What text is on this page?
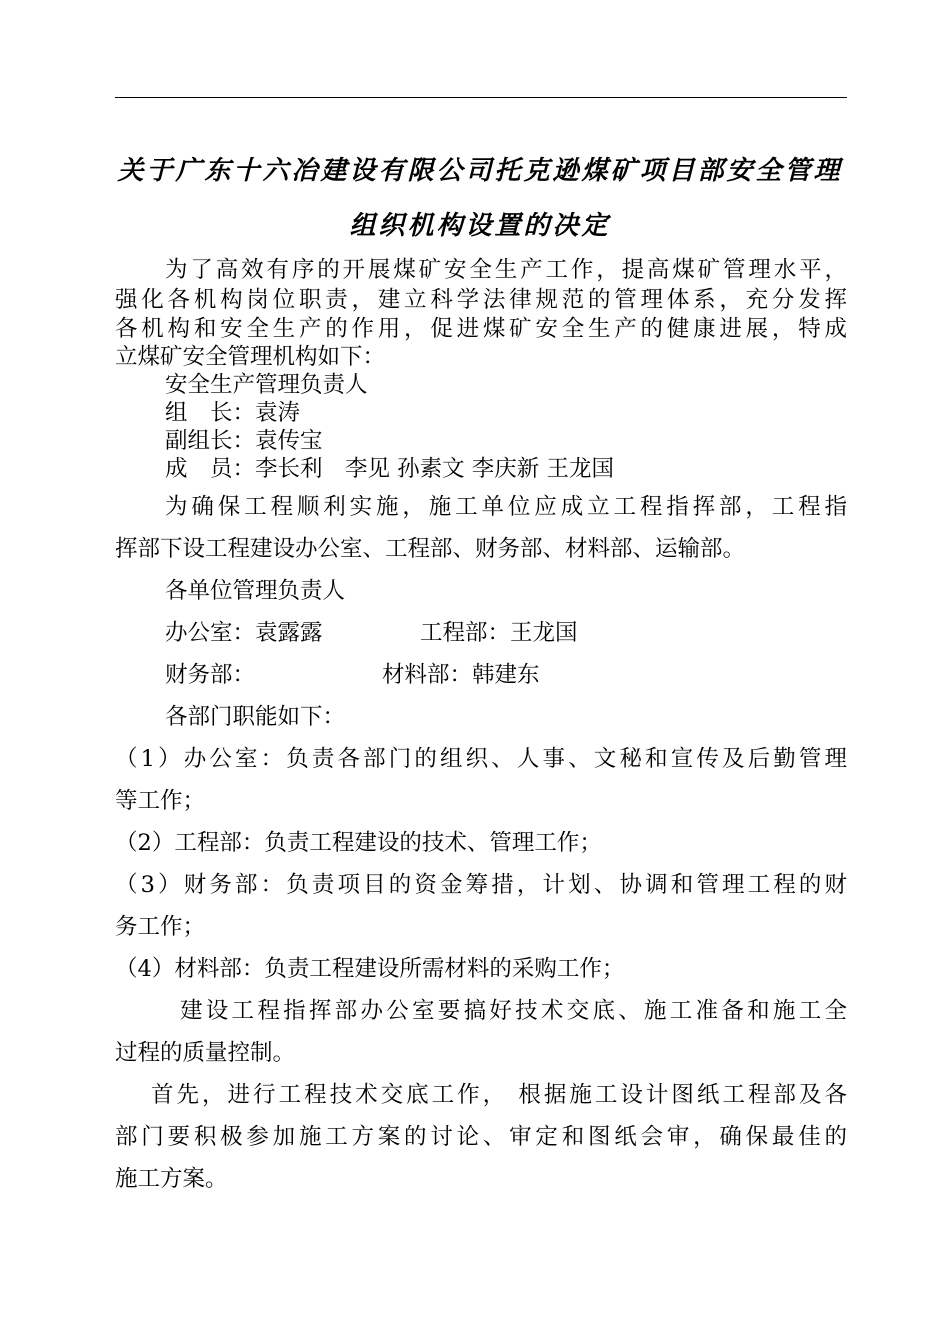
关于广东十六冶建设有限公司托克逊煤矿项目部安全管理
组织机构设置的决定
为了高效有序的开展煤矿安全生产工作，提高煤矿管理水平，
强化各机构岗位职责，建立科学法律规范的管理体系，充分发挥
各机构和安全生产的作用，促进煤矿安全生产的健康进展，特成
立煤矿安全管理机构如下：
安全生产管理负责人
组　长：袁涛
副组长：袁传宝
成　员：李长利　李见 孙素文 李庆新 王龙国
为确保工程顺利实施，施工单位应成立工程指挥部，工程指
挥部下设工程建设办公室、工程部、财务部、材料部、运输部。
各单位管理负责人
办公室：袁露露	工程部：王龙国
财务部：	材料部：韩建东
各部门职能如下：
（1）办公室：负责各部门的组织、人事、文秘和宣传及后勤管理
等工作；
（2）工程部：负责工程建设的技术、管理工作；
（3）财务部：负责项目的资金筹措，计划、协调和管理工程的财
务工作；
（4）材料部：负责工程建设所需材料的采购工作；
建设工程指挥部办公室要搞好技术交底、施工准备和施工全
过程的质量控制。
首先，进行工程技术交底工作， 根据施工设计图纸工程部及各
部门要积极参加施工方案的讨论、审定和图纸会审，确保最佳的
施工方案。
